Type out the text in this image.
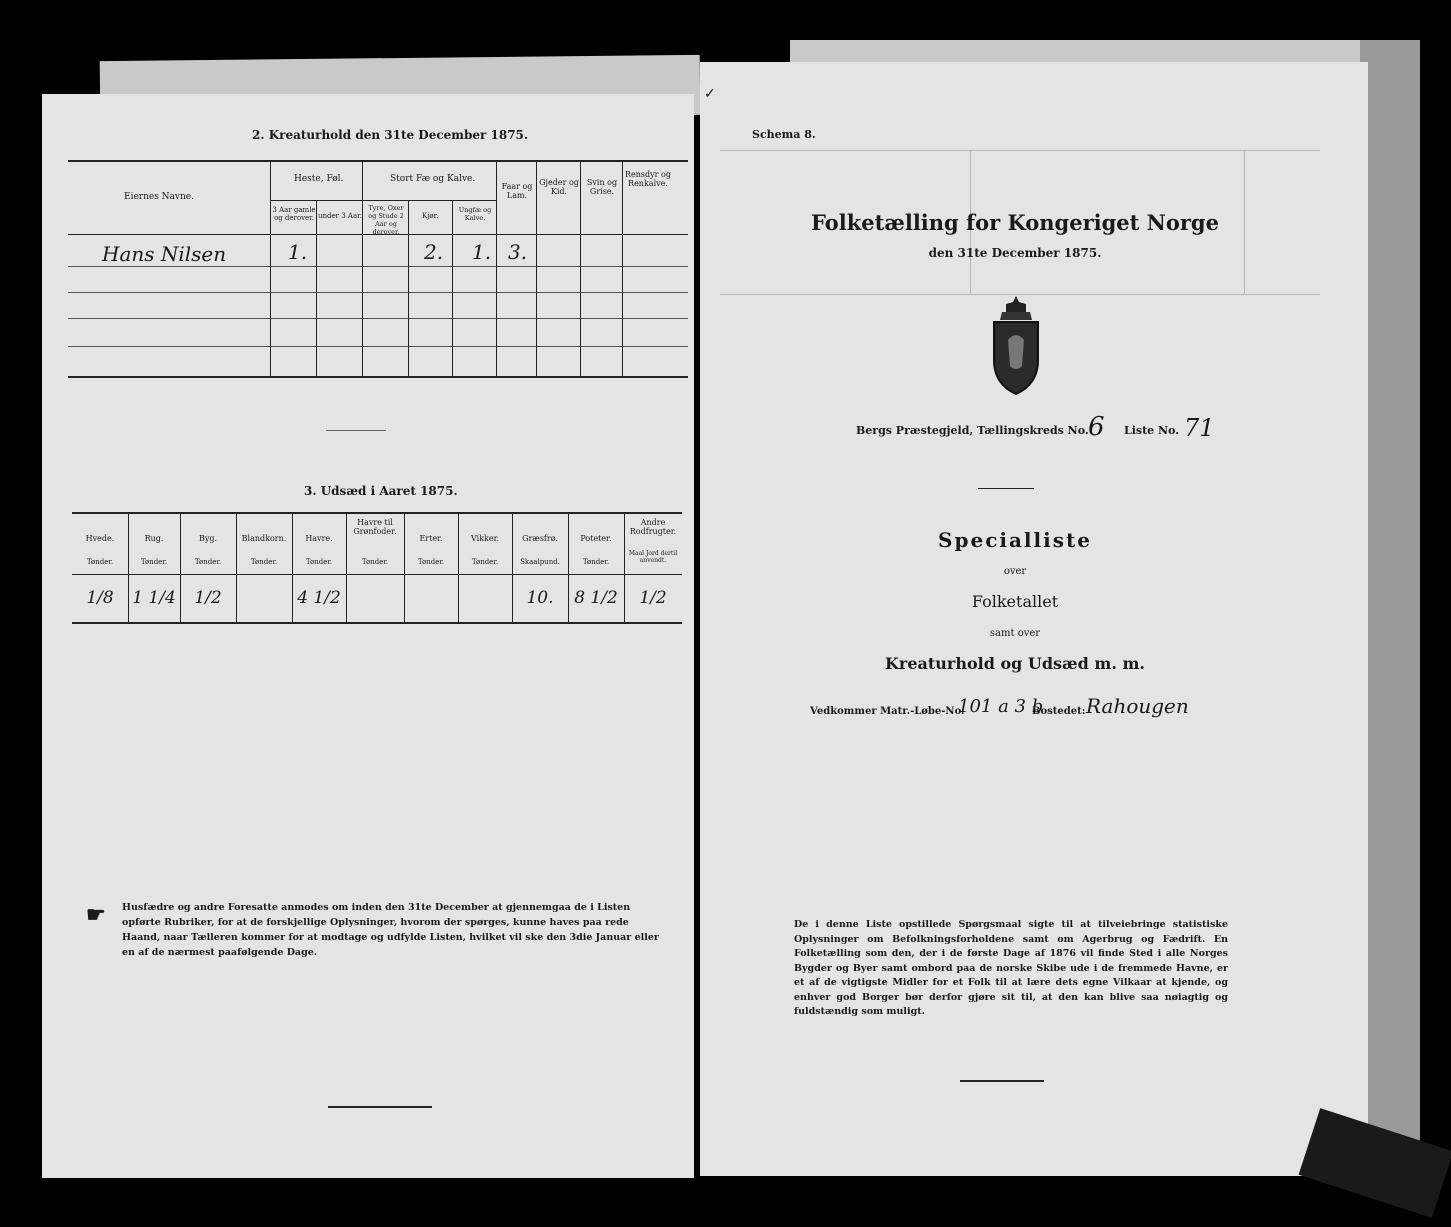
2. Kreaturhold den 31te December 1875.
Eiernes Navne.
Heste, Føl.
3 Aar gamle og derover. under 3 Aar.
Stort Fæ og Kalve.
Tyre, Oxer og Stude 2 Aar og derover.
Kjør.
Ungfæ og Kalve.
Faar og Lam.
Gjeder og Kid.
Svin og Grise.
Rensdyr og Renkalve.
Hans Nilsen	1.	2. 1. 3.
3. Udsæd i Aaret 1875.
Hvede.
Tønder.
1/8
Rug.
Tønder.
1 1/4
Byg.
Tønder.
1/2
Blandkorn.
Tønder.
Havre.
Tønder.
4 1/2
Havre til Grønfoder.
Tønder.
Erter.
Tønder.
Vikker.
Tønder.
Græsfrø.
Skaalpund.
10.
Poteter.
Tønder.
8 1/2
Andre Rodfrugter.
Maal Jord dertil anvendt.
1/2
☛ Husfædre og andre Foresatte anmodes om inden den 31te December at gjennemgaa de i Listen opførte Rubriker, for at de forskjellige Oplysninger, hvorom der spørges, kunne haves paa rede Haand, naar Tælleren kommer for at modtage og udfylde Listen, hvilket vil ske den 3die Januar eller en af de nærmest paafølgende Dage.
✓
Schema 8.
Folketælling for Kongeriget Norge
den 31te December 1875.
Bergs Præstegjeld, Tællingskreds No. 6 Liste No. 71
Specialliste
over
Folketallet
samt over
Kreaturhold og Udsæd m. m.
Vedkommer Matr.-Løbe-No.
101 a 3 b
Bostedet: Rahougen
De i denne Liste opstillede Spørgsmaal sigte til at tilveiebringe statistiske Oplysninger om Befolkningsforholdene samt om Agerbrug og Fædrift. En Folketælling som den, der i de første Dage af 1876 vil finde Sted i alle Norges Bygder og Byer samt ombord paa de norske Skibe ude i de fremmede Havne, er et af de vigtigste Midler for et Folk til at lære dets egne Vilkaar at kjende, og enhver god Borger bør derfor gjøre sit til, at den kan blive saa nøiagtig og fuldstændig som muligt.
